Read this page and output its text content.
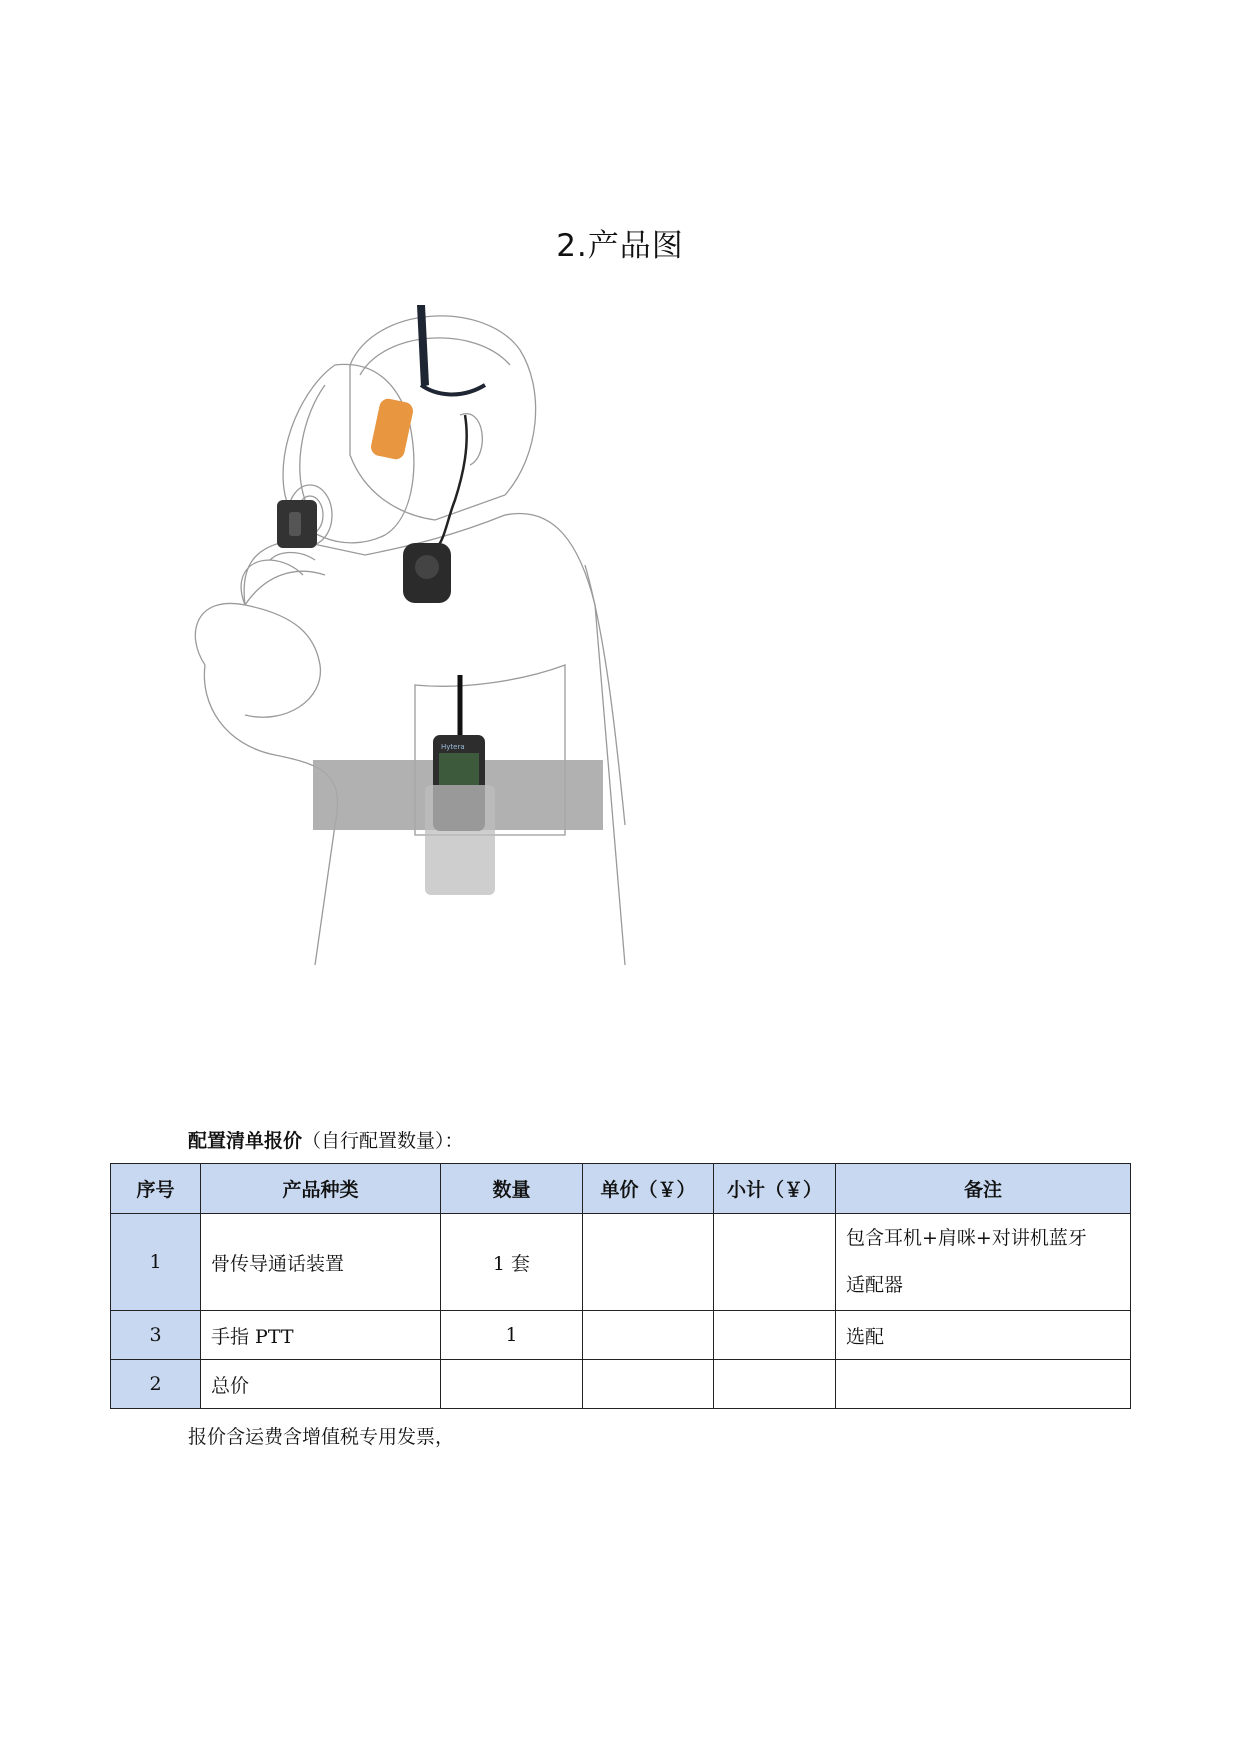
2.产品图
Hytera
配置清单报价（自行配置数量）：
序号	产品种类	数量	单价（￥）	小计（￥）	备注
1	骨传导通话装置	1 套			包含耳机+肩咪+对讲机蓝牙
适配器
3	手指 PTT	1			选配
2	总价				
报价含运费含增值税专用发票，
